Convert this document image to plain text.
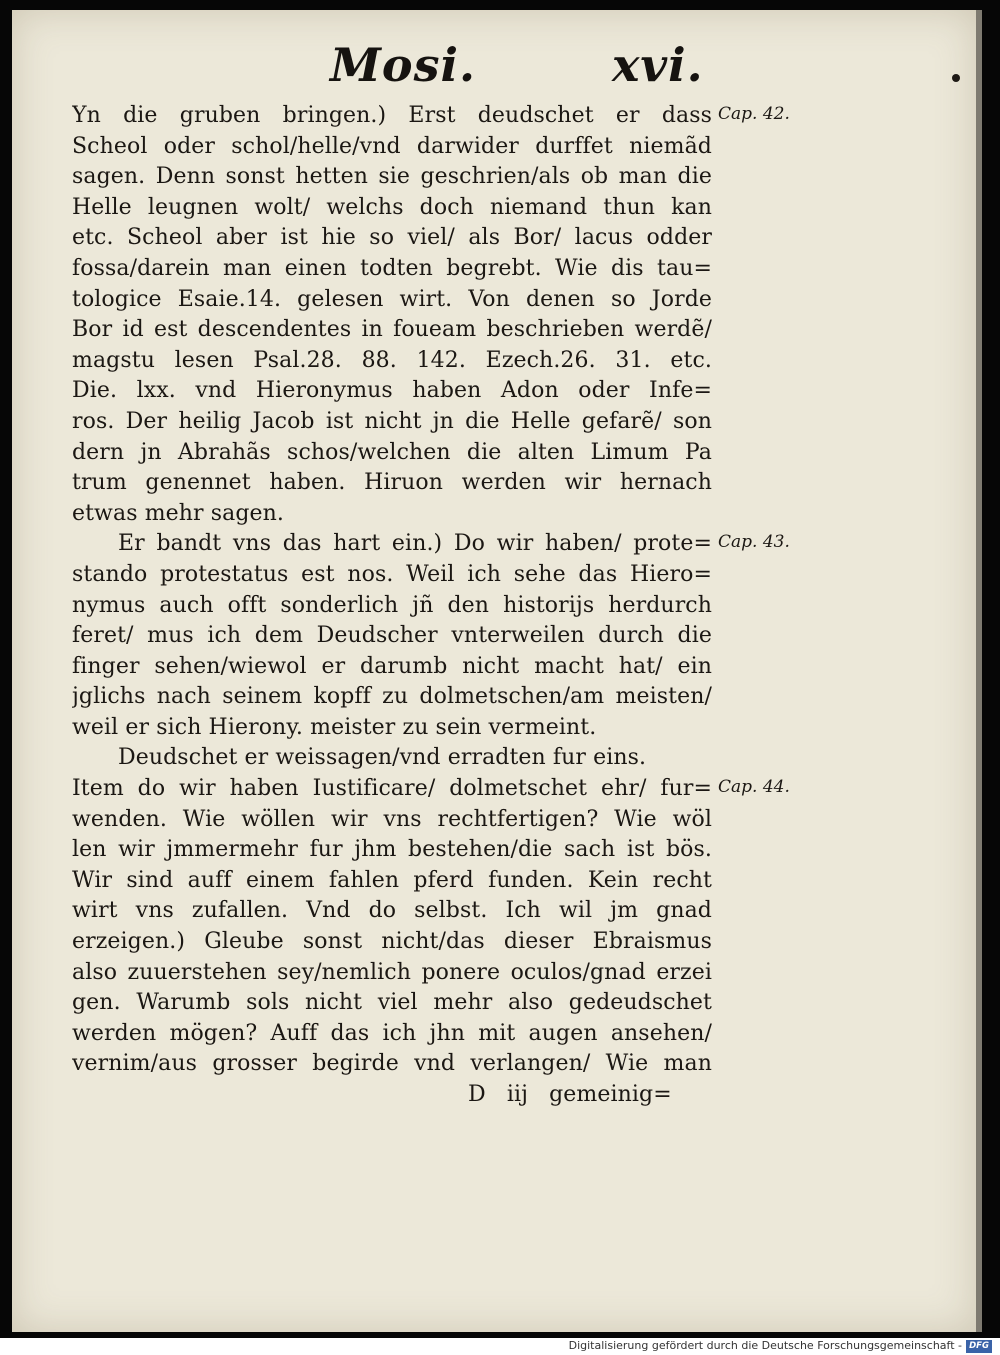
Mosi.	xvi.
Yn die gruben bringen.) Erst deudschet er dass
Scheol oder schol/helle/vnd darwider durffet niemãd
sagen. Denn sonst hetten sie geschrien/als ob man die
Helle leugnen wolt/ welchs doch niemand thun kan
etc. Scheol aber ist hie so viel/ als Bor/ lacus odder
fossa/darein man einen todten begrebt. Wie dis tau=
tologice Esaie.14. gelesen wirt. Von denen so Jorde
Bor id est descendentes in foueam beschrieben werdẽ/
magstu lesen Psal.28. 88. 142. Ezech.26. 31. etc.
Die. lxx. vnd Hieronymus haben Adon oder Infe=
ros. Der heilig Jacob ist nicht jn die Helle gefarẽ/ son
dern jn Abrahãs schos/welchen die alten Limum Pa
trum genennet haben. Hiruon werden wir hernach
etwas mehr sagen.
Er bandt vns das hart ein.) Do wir haben/ prote=
stando protestatus est nos. Weil ich sehe das Hiero=
nymus auch offt sonderlich jñ den historijs herdurch
feret/ mus ich dem Deudscher vnterweilen durch die
finger sehen/wiewol er darumb nicht macht hat/ ein
jglichs nach seinem kopff zu dolmetschen/am meisten/
weil er sich Hierony. meister zu sein vermeint.
Deudschet er weissagen/vnd erradten fur eins.
Item do wir haben Iustificare/ dolmetschet ehr/ fur=
wenden. Wie wöllen wir vns rechtfertigen? Wie wöl
len wir jmmermehr fur jhm bestehen/die sach ist bös.
Wir sind auff einem fahlen pferd funden. Kein recht
wirt vns zufallen. Vnd do selbst. Ich wil jm gnad
erzeigen.) Gleube sonst nicht/das dieser Ebraismus
also zuuerstehen sey/nemlich ponere oculos/gnad erzei
gen. Warumb sols nicht viel mehr also gedeudschet
werden mögen? Auff das ich jhn mit augen ansehen/
vernim/aus grosser begirde vnd verlangen/ Wie man
D iij gemeinig=
Cap. 42.
Cap. 43.
Cap. 44.
Digitalisierung gefördert durch die Deutsche Forschungsgemeinschaft - DFG
